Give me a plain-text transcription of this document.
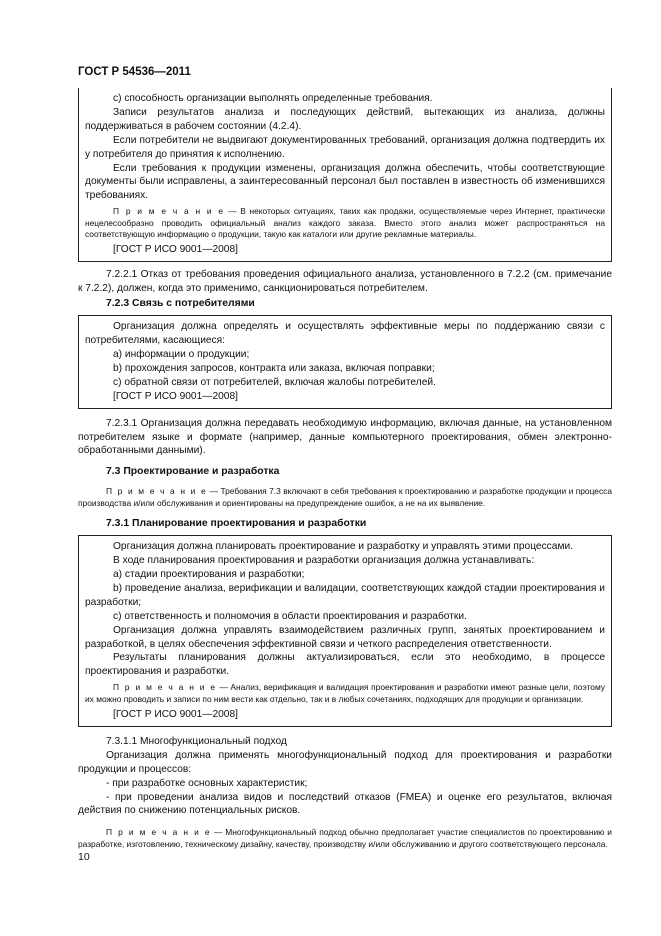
ГОСТ Р 54536—2011

с) способность организации выполнять определенные требования.

Записи результатов анализа и последующих действий, вытекающих из анализа, должны поддерживаться в рабочем состоянии (4.2.4).

Если потребители не выдвигают документированных требований, организация должна подтвердить их у потребителя до принятия к исполнению.

Если требования к продукции изменены, организация должна обеспечить, чтобы соответствующие документы были исправлены, а заинтересованный персонал был поставлен в известность об изменившихся требованиях.

П р и м е ч а н и е — В некоторых ситуациях, таких как продажи, осуществляемые через Интернет, практически нецелесообразно проводить официальный анализ каждого заказа. Вместо этого анализ может распространяться на соответствующую информацию о продукции, такую как каталоги или другие рекламные материалы.

[ГОСТ Р ИСО 9001—2008]

7.2.2.1 Отказ от требования проведения официального анализа, установленного в 7.2.2 (см. примечание к 7.2.2), должен, когда это применимо, санкционироваться потребителем.

7.2.3 Связь с потребителями

Организация должна определять и осуществлять эффективные меры по поддержанию связи с потребителями, касающиеся:

a) информации о продукции;

b) прохождения запросов, контракта или заказа, включая поправки;

c) обратной связи от потребителей, включая жалобы потребителей.

[ГОСТ Р ИСО 9001—2008]

7.2.3.1 Организация должна передавать необходимую информацию, включая данные, на установленном потребителем языке и формате (например, данные компьютерного проектирования, обмен электронно-обработанными данными).

7.3 Проектирование и разработка
П р и м е ч а н и е — Требования 7.3 включают в себя требования к проектированию и разработке продукции и процесса производства и/или обслуживания и ориентированы на предупреждение ошибок, а не на их выявление.
7.3.1 Планирование проектирования и разработки

Организация должна планировать проектирование и разработку и управлять этими процессами.

В ходе планирования проектирования и разработки организация должна устанавливать:

а) стадии проектирования и разработки;

b) проведение анализа, верификации и валидации, соответствующих каждой стадии проектирования и разработки;

c) ответственность и полномочия в области проектирования и разработки.

Организация должна управлять взаимодействием различных групп, занятых проектированием и разработкой, в целях обеспечения эффективной связи и четкого распределения ответственности.

Результаты планирования должны актуализироваться, если это необходимо, в процессе проектирования и разработки.

П р и м е ч а н и е — Анализ, верификация и валидация проектирования и разработки имеют разные цели, поэтому их можно проводить и записи по ним вести как отдельно, так и в любых сочетаниях, подходящих для продукции и организации.

[ГОСТ Р ИСО 9001—2008]

7.3.1.1 Многофункциональный подход

Организация должна применять многофункциональный подход для проектирования и разработки продукции и процессов:

- при разработке основных характеристик;

- при проведении анализа видов и последствий отказов (FMEA) и оценке его результатов, включая действия по снижению потенциальных рисков.

П р и м е ч а н и е — Многофункциональный подход обычно предполагает участие специалистов по проектированию и разработке, изготовлению, техническому дизайну, качеству, производству и/или обслуживанию и другого соответствующего персонала.
10
